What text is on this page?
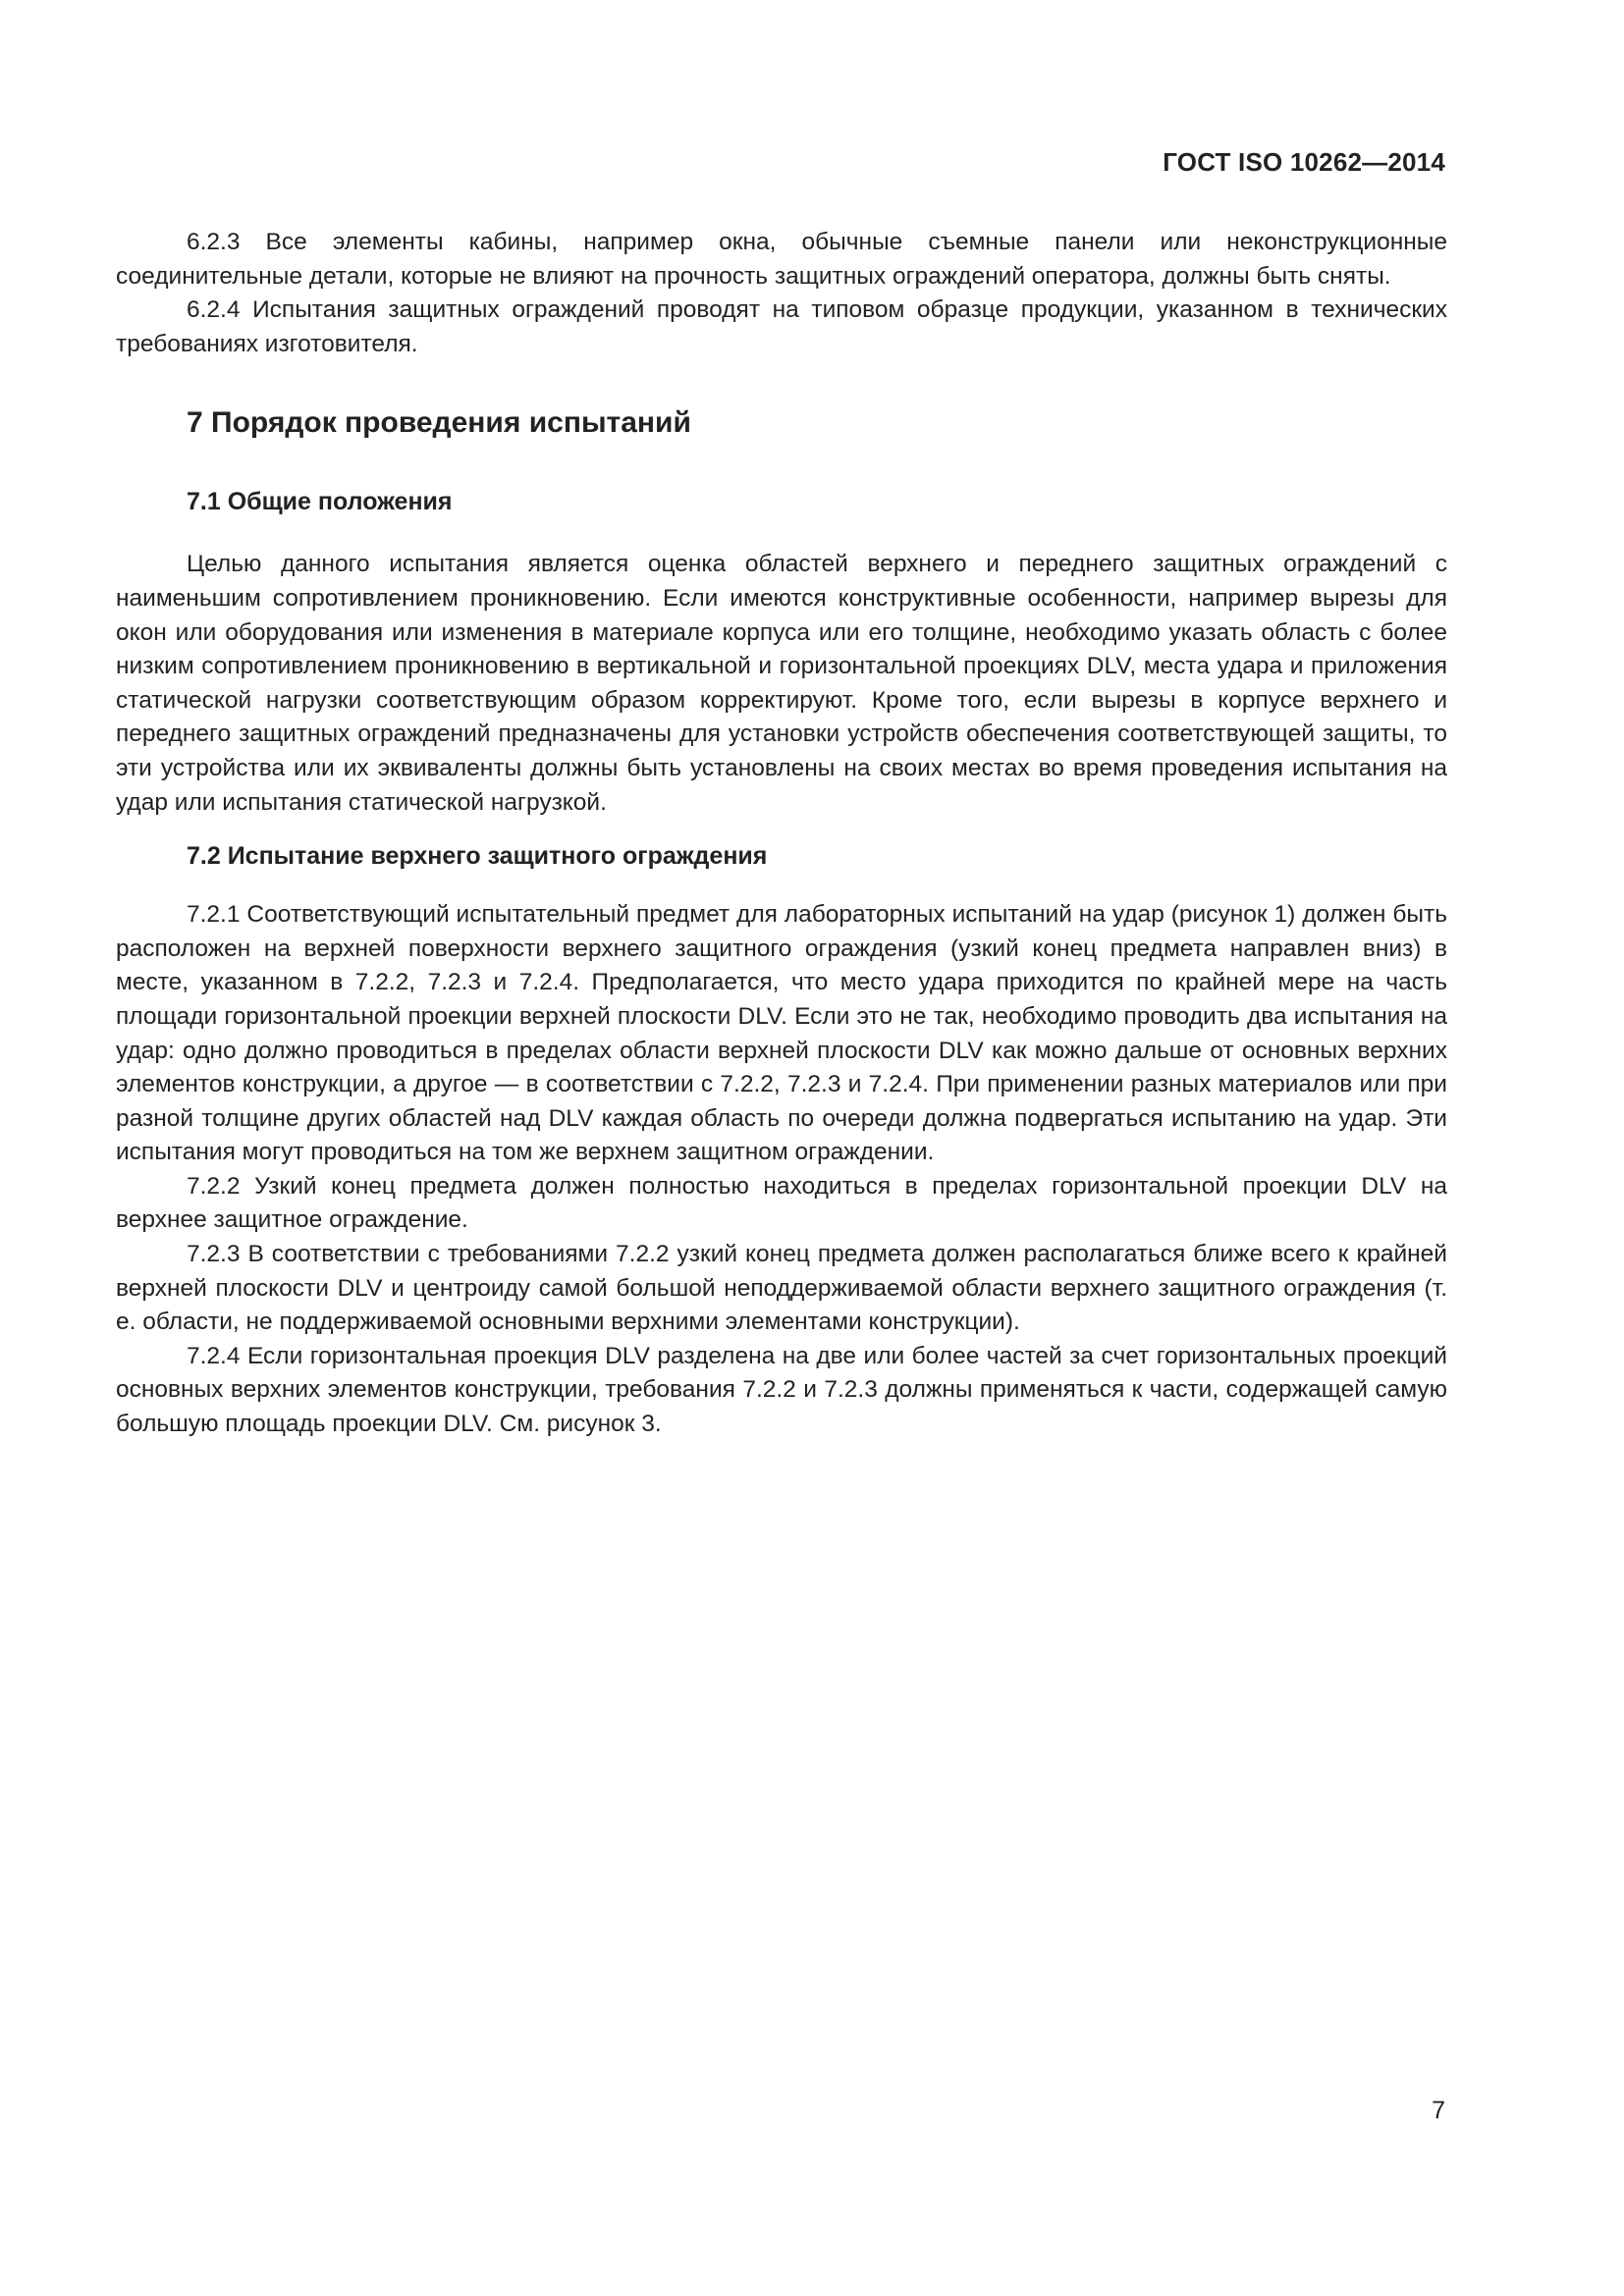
ГОСТ ISO 10262—2014

6.2.3 Все элементы кабины, например окна, обычные съемные панели или неконструкционные соединительные детали, которые не влияют на прочность защитных ограждений оператора, должны быть сняты.

6.2.4 Испытания защитных ограждений проводят на типовом образце продукции, указанном в технических требованиях изготовителя.

7 Порядок проведения испытаний
7.1 Общие положения

Целью данного испытания является оценка областей верхнего и переднего защитных ограждений с наименьшим сопротивлением проникновению. Если имеются конструктивные особенности, например вырезы для окон или оборудования или изменения в материале корпуса или его толщине, необходимо указать область с более низким сопротивлением проникновению в вертикальной и горизонтальной проекциях DLV, места удара и приложения статической нагрузки соответствующим образом корректируют. Кроме того, если вырезы в корпусе верхнего и переднего защитных ограждений предназначены для установки устройств обеспечения соответствующей защиты, то эти устройства или их эквиваленты должны быть установлены на своих местах во время проведения испытания на удар или испытания статической нагрузкой.

7.2 Испытание верхнего защитного ограждения

7.2.1 Соответствующий испытательный предмет для лабораторных испытаний на удар (рисунок 1) должен быть расположен на верхней поверхности верхнего защитного ограждения (узкий конец предмета направлен вниз) в месте, указанном в 7.2.2, 7.2.3 и 7.2.4. Предполагается, что место удара приходится по крайней мере на часть площади горизонтальной проекции верхней плоскости DLV. Если это не так, необходимо проводить два испытания на удар: одно должно проводиться в пределах области верхней плоскости DLV как можно дальше от основных верхних элементов конструкции, а другое — в соответствии с 7.2.2, 7.2.3 и 7.2.4. При применении разных материалов или при разной толщине других областей над DLV каждая область по очереди должна подвергаться испытанию на удар. Эти испытания могут проводиться на том же верхнем защитном ограждении.

7.2.2 Узкий конец предмета должен полностью находиться в пределах горизонтальной проекции DLV на верхнее защитное ограждение.

7.2.3 В соответствии с требованиями 7.2.2 узкий конец предмета должен располагаться ближе всего к крайней верхней плоскости DLV и центроиду самой большой неподдерживаемой области верхнего защитного ограждения (т. е. области, не поддерживаемой основными верхними элементами конструкции).

7.2.4 Если горизонтальная проекция DLV разделена на две или более частей за счет горизонтальных проекций основных верхних элементов конструкции, требования 7.2.2 и 7.2.3 должны применяться к части, содержащей самую большую площадь проекции DLV. См. рисунок 3.

7
